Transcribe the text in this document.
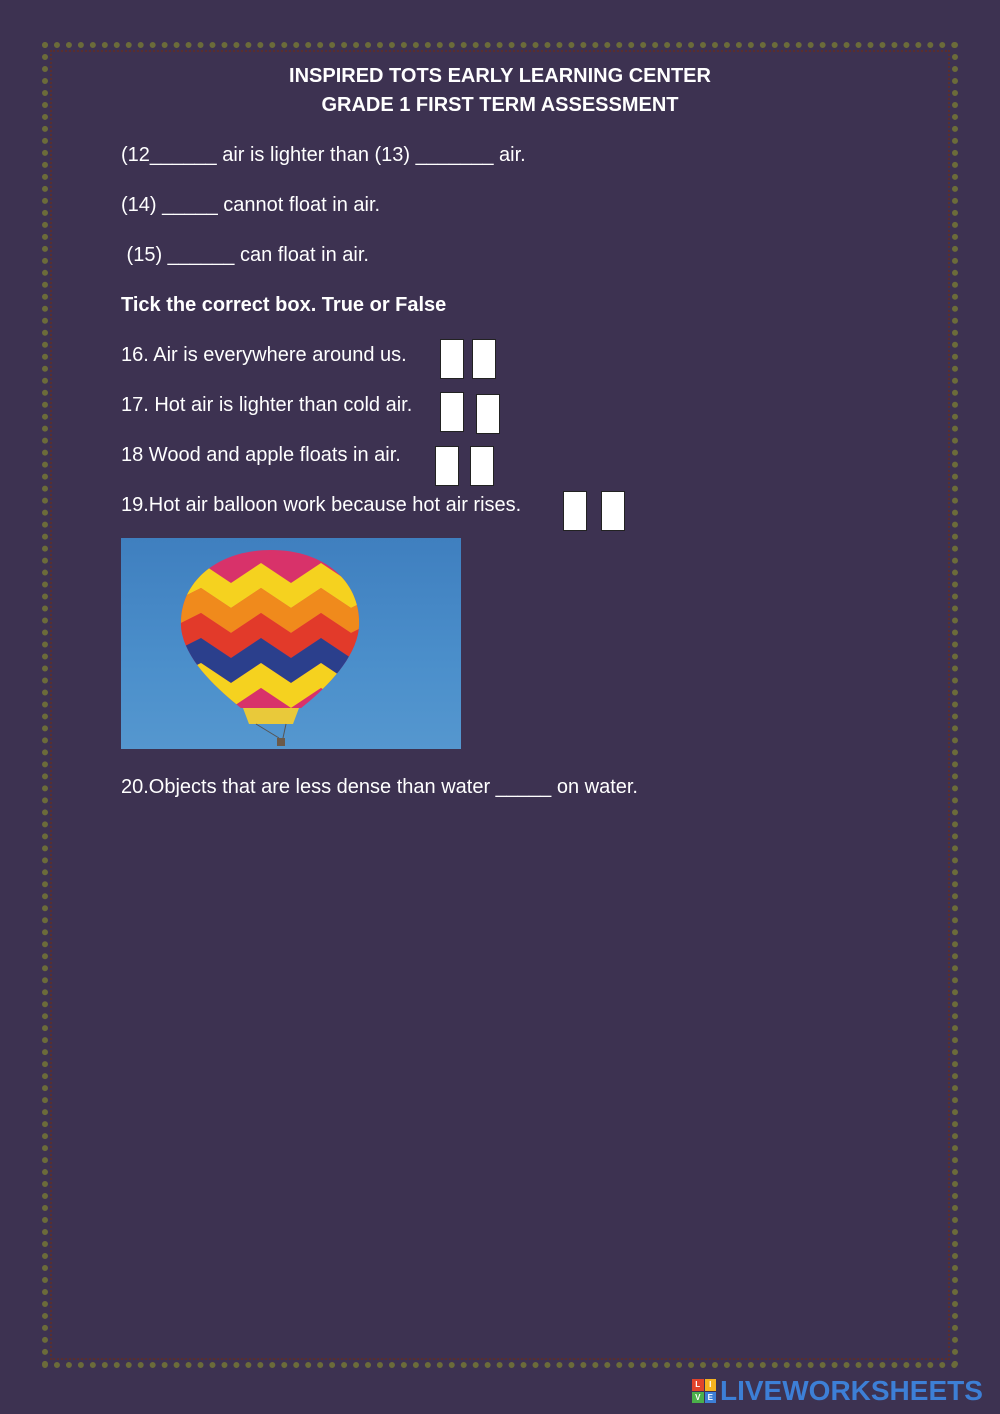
INSPIRED TOTS EARLY LEARNING CENTER
GRADE 1 FIRST TERM ASSESSMENT
(12______ air is lighter than (13) _______ air.
(14) _____ cannot float in air.
(15) ______ can float in air.
Tick the correct box. True or False
16. Air is everywhere around us.
17. Hot air is lighter than cold air.
18 Wood and apple floats in air.
19.Hot air balloon work because hot air rises.
20.Objects that are less dense than water _____ on water.
L	I
V E LIVEWORKSHEETS
